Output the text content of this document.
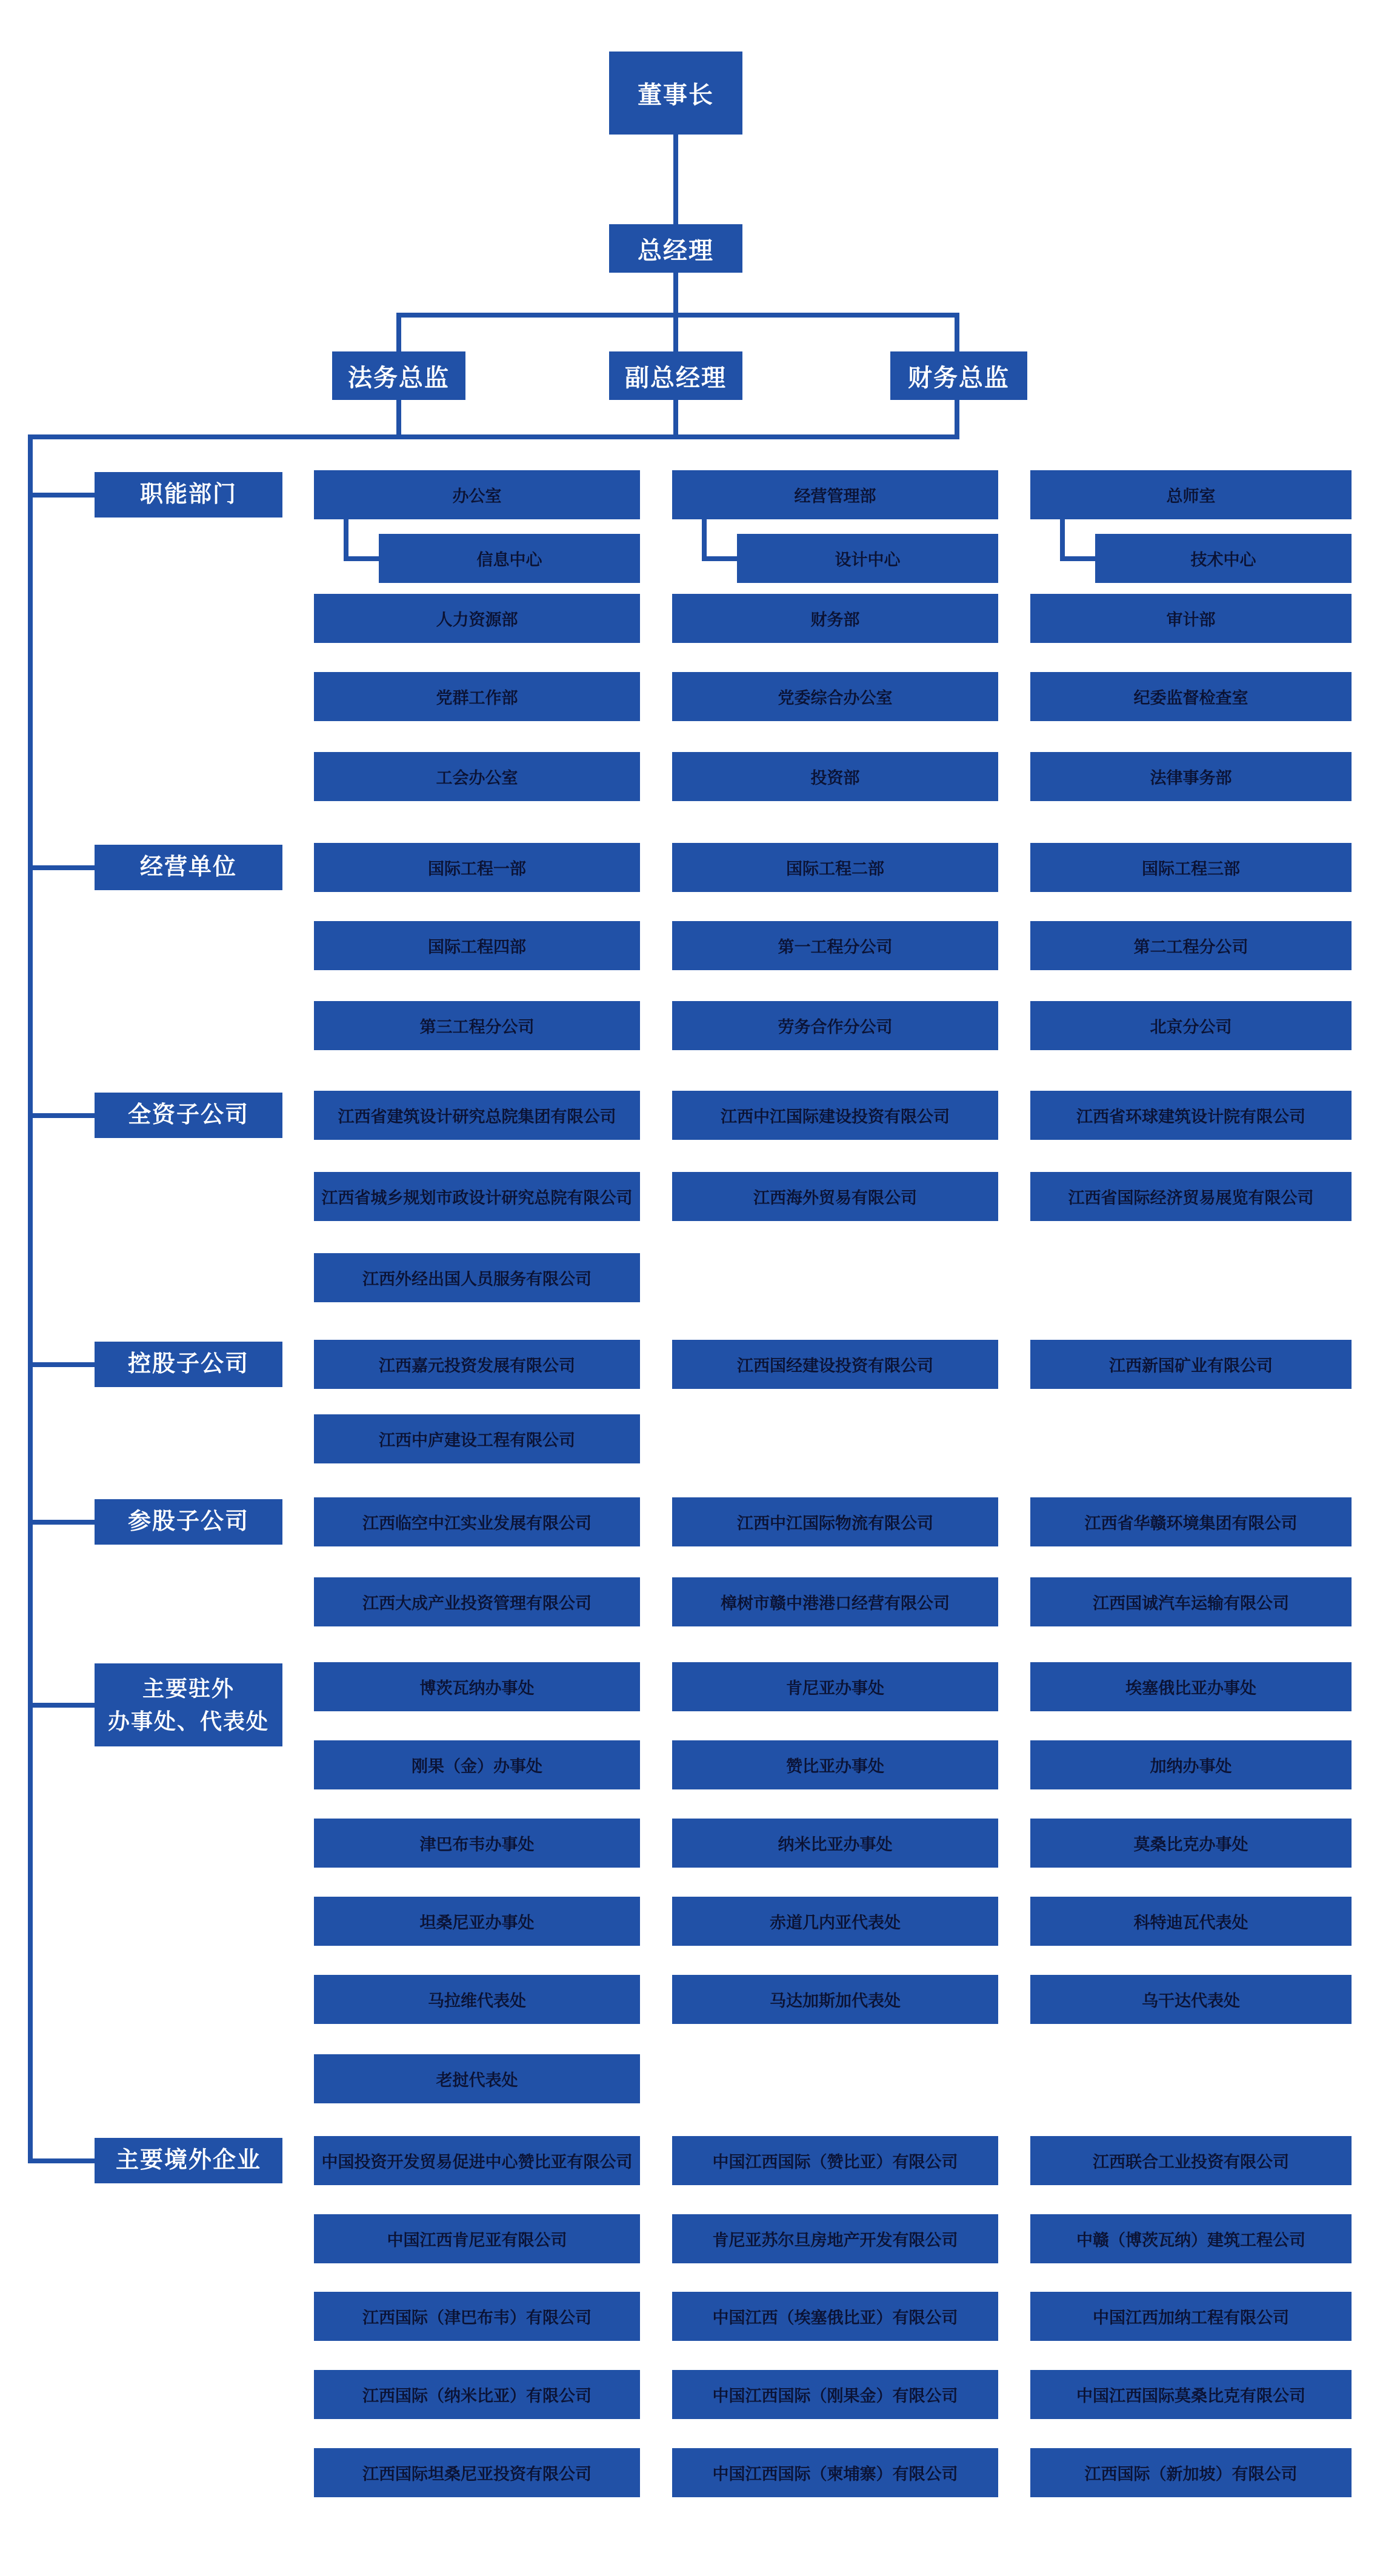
董事长
总经理
法务总监	副总经理	财务总监
职能部门	办公室	经营管理部	总师室
信息中心	设计中心	技术中心
人力资源部	财务部	审计部
党群工作部	党委综合办公室	纪委监督检查室
工会办公室	投资部	法律事务部
经营单位	国际工程一部	国际工程二部	国际工程三部
国际工程四部	第一工程分公司	第二工程分公司
第三工程分公司	劳务合作分公司	北京分公司
全资子公司	江西省建筑设计研究总院集团有限公司	江西中江国际建设投资有限公司	江西省环球建筑设计院有限公司
江西省城乡规划市政设计研究总院有限公司	江西海外贸易有限公司	江西省国际经济贸易展览有限公司
江西外经出国人员服务有限公司
控股子公司	江西嘉元投资发展有限公司	江西国经建设投资有限公司	江西新国矿业有限公司
江西中庐建设工程有限公司
参股子公司	江西临空中江实业发展有限公司	江西中江国际物流有限公司	江西省华赣环境集团有限公司
江西大成产业投资管理有限公司	樟树市赣中港港口经营有限公司	江西国诚汽车运输有限公司
主要驻外
办事处、代表处
博茨瓦纳办事处	肯尼亚办事处	埃塞俄比亚办事处
刚果（金）办事处	赞比亚办事处	加纳办事处
津巴布韦办事处	纳米比亚办事处	莫桑比克办事处
坦桑尼亚办事处	赤道几内亚代表处	科特迪瓦代表处
马拉维代表处	马达加斯加代表处	乌干达代表处
老挝代表处
主要境外企业	中国投资开发贸易促进中心赞比亚有限公司	中国江西国际（赞比亚）有限公司	江西联合工业投资有限公司
中国江西肯尼亚有限公司	肯尼亚苏尔旦房地产开发有限公司	中赣（博茨瓦纳）建筑工程公司
江西国际（津巴布韦）有限公司	中国江西（埃塞俄比亚）有限公司	中国江西加纳工程有限公司
江西国际（纳米比亚）有限公司	中国江西国际（刚果金）有限公司	中国江西国际莫桑比克有限公司
江西国际坦桑尼亚投资有限公司	中国江西国际（柬埔寨）有限公司	江西国际（新加坡）有限公司
